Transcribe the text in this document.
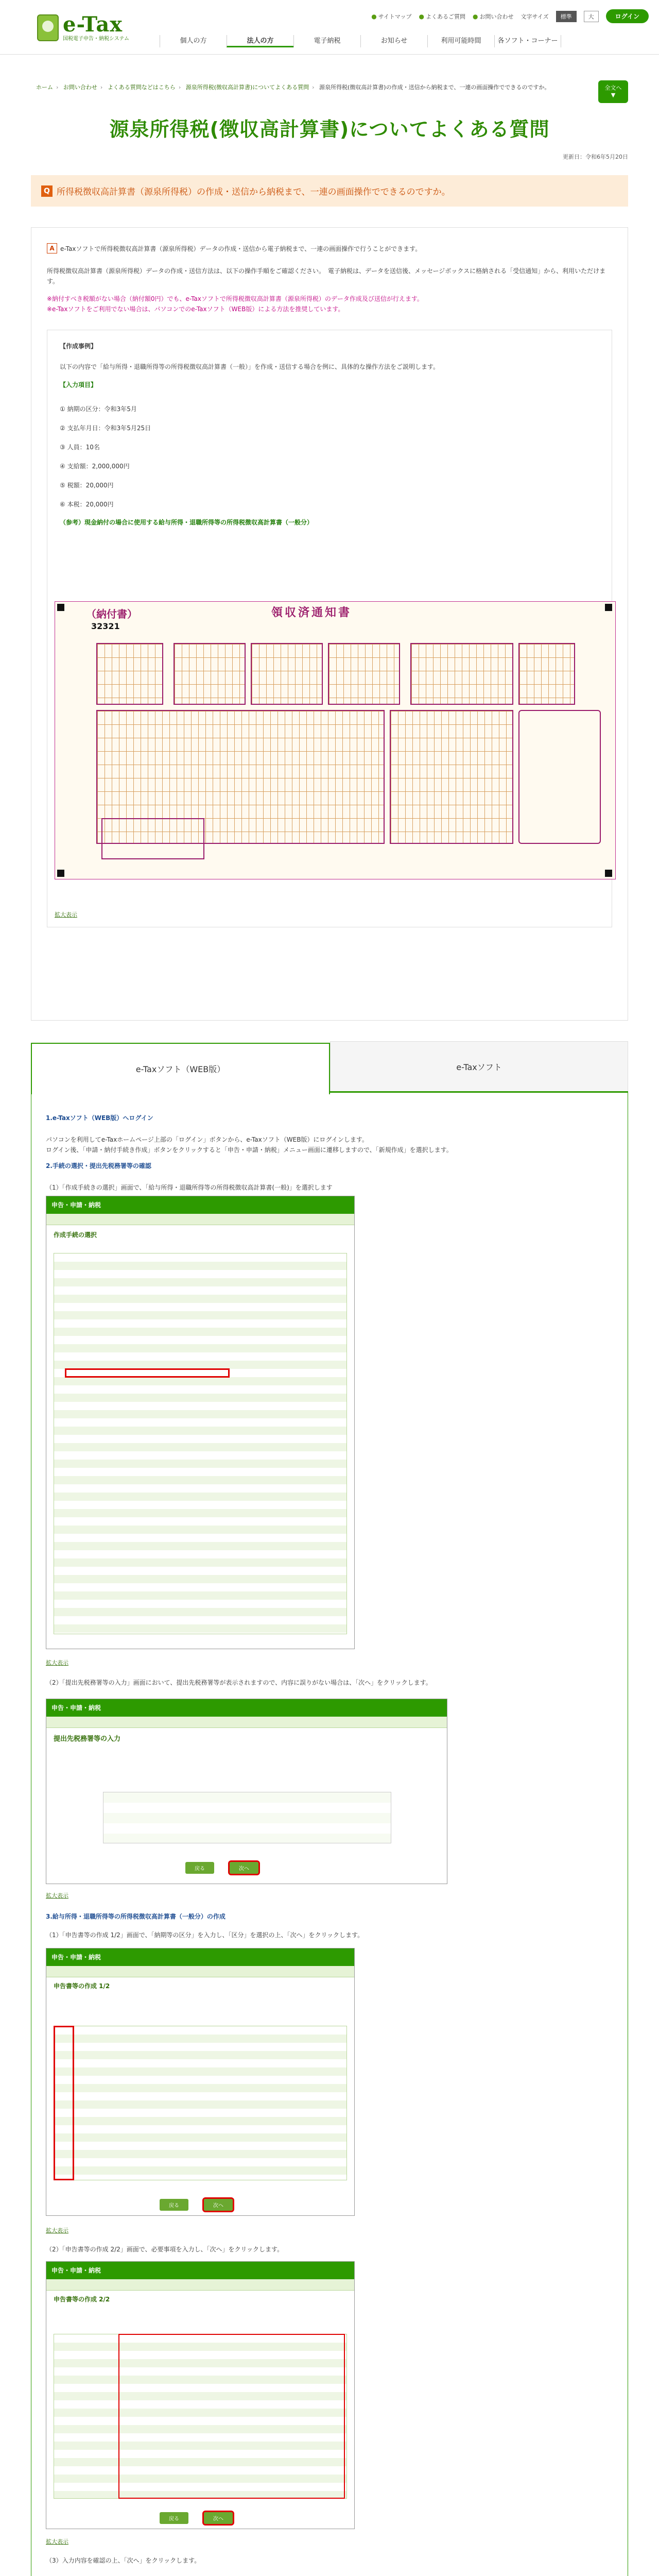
e-Tax
国税電子申告・納税システム
● サイトマップ ● よくあるご質問 ● お問い合わせ 文字サイズ	標準	大	ログイン
個人の方	法人の方	電子納税	お知らせ	利用可能時間	各ソフト・コーナー
ホーム › お問い合わせ › よくある質問などはこちら › 源泉所得税(徴収高計算書)についてよくある質問 › 源泉所得税(徴収高計算書)の作成・送信から納税まで、一連の画面操作でできるのですか。	全文へ
▼
源泉所得税(徴収高計算書)についてよくある質問
更新日：令和6年5月20日
Q 所得税徴収高計算書（源泉所得税）の作成・送信から納税まで、一連の画面操作でできるのですか。
A e-Taxソフトで所得税徴収高計算書（源泉所得税）データの作成・送信から電子納税まで、一連の画面操作で行うことができます。

所得税徴収高計算書（源泉所得税）データの作成・送信方法は、以下の操作手順をご確認ください。　電子納税は、データを送信後、メッセージボックスに格納される「受信通知」から、利用いただけます。

※納付すべき税額がない場合（納付額0円）でも、e-Taxソフトで所得税徴収高計算書（源泉所得税）のデータ作成及び送信が行えます。

※e-Taxソフトをご利用でない場合は、パソコンでのe-Taxソフト（WEB版）による方法を推奨しています。

【作成事例】

以下の内容で「給与所得・退職所得等の所得税徴収高計算書（一般）」を作成・送信する場合を例に、具体的な操作方法をご説明します。

【入力項目】
① 納期の区分：令和3年5月
② 支払年月日：令和3年5月25日
③ 人員：10名
④ 支給額：2,000,000円
⑤ 税額：20,000円
⑥ 本税：20,000円
（参考）現金納付の場合に使用する給与所得・退職所得等の所得税徴収高計算書（一般分）
（納付書）	領収済通知書
32321
拡大表示
e-Taxソフト（WEB版）	e-Taxソフト
1.e-Taxソフト（WEB版）へログイン

パソコンを利用してe-Taxホームページ上部の「ログイン」ボタンから、e-Taxソフト（WEB版）にログインします。
ログイン後、「申請・納付手続き作成」ボタンをクリックすると「申告・申請・納税」メニュー画面に遷移しますので、「新規作成」を選択します。

2.手続の選択・提出先税務署等の確認

（1）「作成手続きの選択」画面で、「給与所得・退職所得等の所得税徴収高計算書(一般)」を選択します

申告・申請・納税
作成手続の選択
拡大表示
（2）「提出先税務署等の入力」画面において、提出先税務署等が表示されますので、内容に誤りがない場合は、「次へ」をクリックします。
申告・申請・納税
提出先税務署等の入力
戻る	次へ
拡大表示
3.給与所得・退職所得等の所得税徴収高計算書（一般分）の作成
（1）「申告書等の作成 1/2」画面で、「納期等の区分」を入力し、「区分」を選択の上、「次へ」をクリックします。
申告・申請・納税
申告書等の作成 1/2
戻る	次へ
拡大表示
（2）「申告書等の作成 2/2」画面で、必要事項を入力し、「次へ」をクリックします。
申告・申請・納税
申告書等の作成 2/2
戻る	次へ
拡大表示
（3）入力内容を確認の上、「次へ」をクリックします。
